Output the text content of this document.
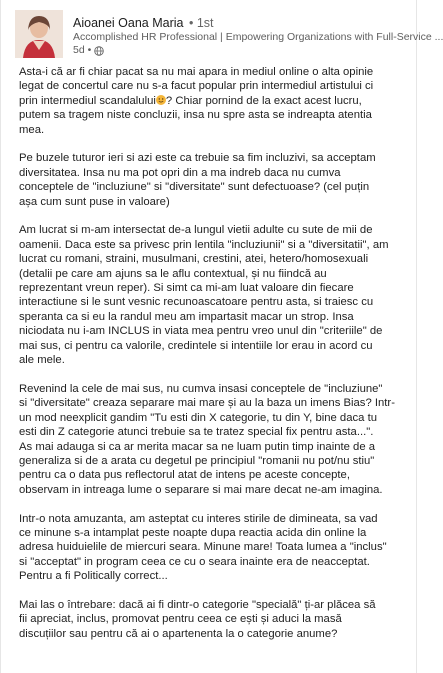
Aioanei Oana Maria • 1st
Accomplished HR Professional | Empowering Organizations with Full-Service ...
5d •

Asta-i că ar fi chiar pacat sa nu mai apara in mediul online o alta opinie
legat de concertul care nu s-a facut popular prin intermediul artistului ci
prin intermediul scandalului ? Chiar pornind de la exact acest lucru,
putem sa tragem niste concluzii, insa nu spre asta se indreapta atentia
mea.

Pe buzele tuturor ieri si azi este ca trebuie sa fim incluzivi, sa acceptam
diversitatea. Insa nu ma pot opri din a ma indreb daca nu cumva
conceptele de "incluziune" si "diversitate" sunt defectuoase? (cel puțin
așa cum sunt puse in valoare)

Am lucrat si m-am intersectat de-a lungul vietii adulte cu sute de mii de
oamenii. Daca este sa privesc prin lentila "incluziunii" si a "diversitatii", am
lucrat cu romani, straini, musulmani, crestini, atei, hetero/homosexuali
(detalii pe care am ajuns sa le aflu contextual, și nu fiindcă au
reprezentant vreun reper). Si simt ca mi-am luat valoare din fiecare
interactiune si le sunt vesnic recunoascatoare pentru asta, si traiesc cu
speranta ca si eu la randul meu am impartasit macar un strop. Insa
niciodata nu i-am INCLUS in viata mea pentru vreo unul din "criteriile" de
mai sus, ci pentru ca valorile, credintele si intentiile lor erau in acord cu
ale mele.

Revenind la cele de mai sus, nu cumva insasi conceptele de "incluziune"
si "diversitate" creaza separare mai mare și au la baza un imens Bias? Intr-
un mod neexplicit gandim "Tu esti din X categorie, tu din Y, bine daca tu
esti din Z categorie atunci trebuie sa te tratez special fix pentru asta...".
As mai adauga si ca ar merita macar sa ne luam putin timp inainte de a
generaliza si de a arata cu degetul pe principiul "romanii nu pot/nu stiu"
pentru ca o data pus reflectorul atat de intens pe aceste concepte,
observam in intreaga lume o separare si mai mare decat ne-am imagina.

Intr-o nota amuzanta, am asteptat cu interes stirile de dimineata, sa vad
ce minune s-a intamplat peste noapte dupa reactia acida din online la
adresa huiduielile de miercuri seara. Minune mare! Toata lumea a "inclus"
si "acceptat" in program ceea ce cu o seara inainte era de neacceptat.
Pentru a fi Politically correct...

Mai las o întrebare: dacă ai fi dintr-o categorie "specială" ți-ar plăcea să
fii apreciat, inclus, promovat pentru ceea ce ești și aduci la masă
discuțiilor sau pentru că ai o apartenenta la o categorie anume?
